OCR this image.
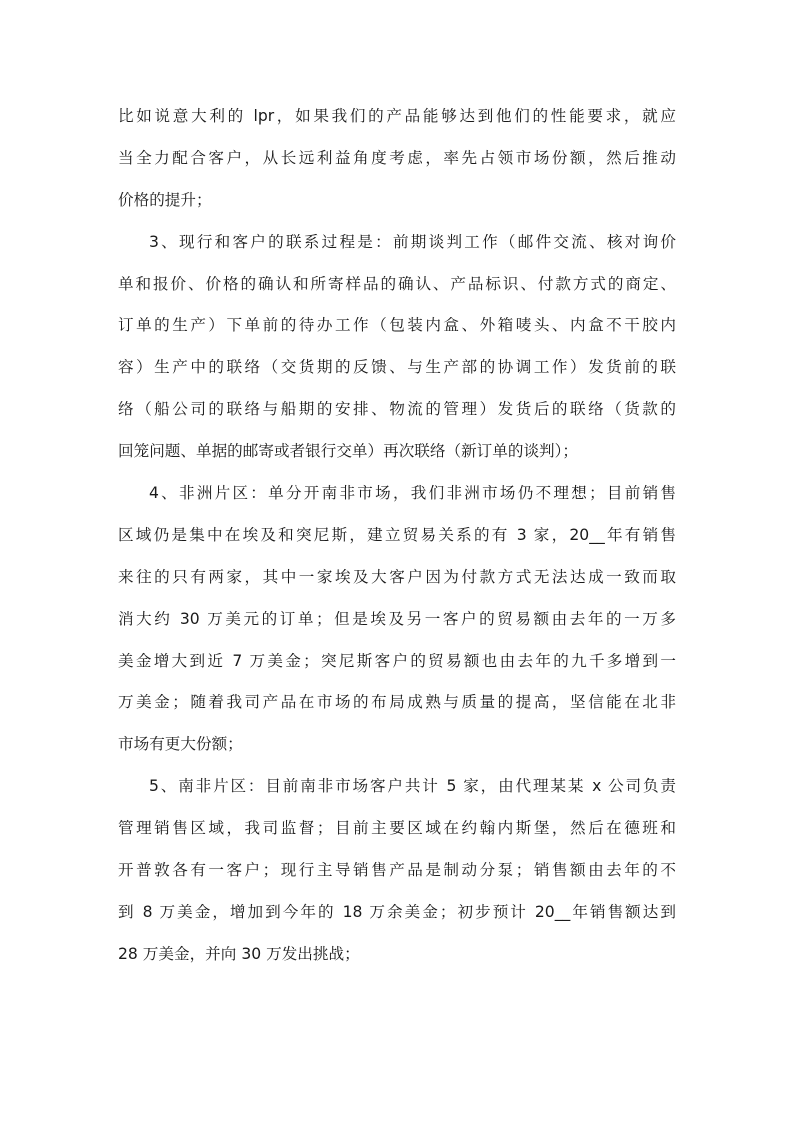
比如说意大利的 lpr，如果我们的产品能够达到他们的性能要求，就应
当全力配合客户，从长远利益角度考虑，率先占领市场份额，然后推动
价格的提升；
3、现行和客户的联系过程是：前期谈判工作（邮件交流、核对询价
单和报价、价格的确认和所寄样品的确认、产品标识、付款方式的商定、
订单的生产）下单前的待办工作（包装内盒、外箱唛头、内盒不干胶内
容）生产中的联络（交货期的反馈、与生产部的协调工作）发货前的联
络（船公司的联络与船期的安排、物流的管理）发货后的联络（货款的
回笼问题、单据的邮寄或者银行交单）再次联络（新订单的谈判）；
4、非洲片区：单分开南非市场，我们非洲市场仍不理想；目前销售
区域仍是集中在埃及和突尼斯，建立贸易关系的有 3 家，20__年有销售
来往的只有两家，其中一家埃及大客户因为付款方式无法达成一致而取
消大约 30 万美元的订单；但是埃及另一客户的贸易额由去年的一万多
美金增大到近 7 万美金；突尼斯客户的贸易额也由去年的九千多增到一
万美金；随着我司产品在市场的布局成熟与质量的提高，坚信能在北非
市场有更大份额；
5、南非片区：目前南非市场客户共计 5 家，由代理某某 x 公司负责
管理销售区域，我司监督；目前主要区域在约翰内斯堡，然后在德班和
开普敦各有一客户；现行主导销售产品是制动分泵；销售额由去年的不
到 8 万美金，增加到今年的 18 万余美金；初步预计 20__年销售额达到
28 万美金，并向 30 万发出挑战；
